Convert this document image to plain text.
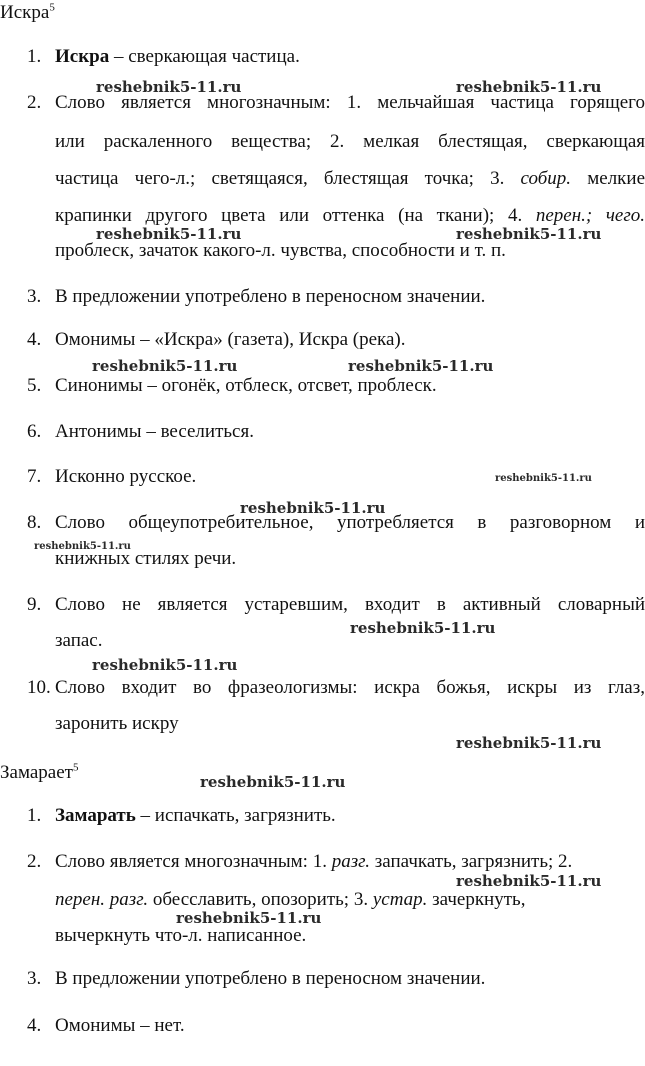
Искра$^5$
1. Искра – сверкающая частица.
2. Слово является многозначным: 1. мельчайшая частица горящего
или раскаленного вещества; 2. мелкая блестящая, сверкающая
частица чего-л.; светящаяся, блестящая точка; 3. собир. мелкие
крапинки другого цвета или оттенка (на ткани); 4. перен.; чего.
проблеск, зачаток какого-л. чувства, способности и т. п.
3. В предложении употреблено в переносном значении.
4. Омонимы – «Искра» (газета), Искра (река).
5. Синонимы – огонёк, отблеск, отсвет, проблеск.
6. Антонимы – веселиться.
7. Исконно русское.
8. Слово общеупотребительное, употребляется в разговорном и
книжных стилях речи.
9. Слово не является устаревшим, входит в активный словарный
запас.
10. Слово входит во фразеологизмы: искра божья, искры из глаз,
заронить искру
Замарает$^5$
1. Замарать – испачкать, загрязнить.
2. Слово является многозначным: 1. разг. запачкать, загрязнить; 2.
перен. разг. обесславить, опозорить; 3. устар. зачеркнуть,
вычеркнуть что-л. написанное.
3. В предложении употреблено в переносном значении.
4. Омонимы – нет.
reshebnik5-11.ru	reshebnik5-11.ru
reshebnik5-11.ru	reshebnik5-11.ru
reshebnik5-11.ru	reshebnik5-11.ru
reshebnik5-11.ru
reshebnik5-11.ru
reshebnik5-11.ru
reshebnik5-11.ru
reshebnik5-11.ru
reshebnik5-11.ru
reshebnik5-11.ru
reshebnik5-11.ru
reshebnik5-11.ru
